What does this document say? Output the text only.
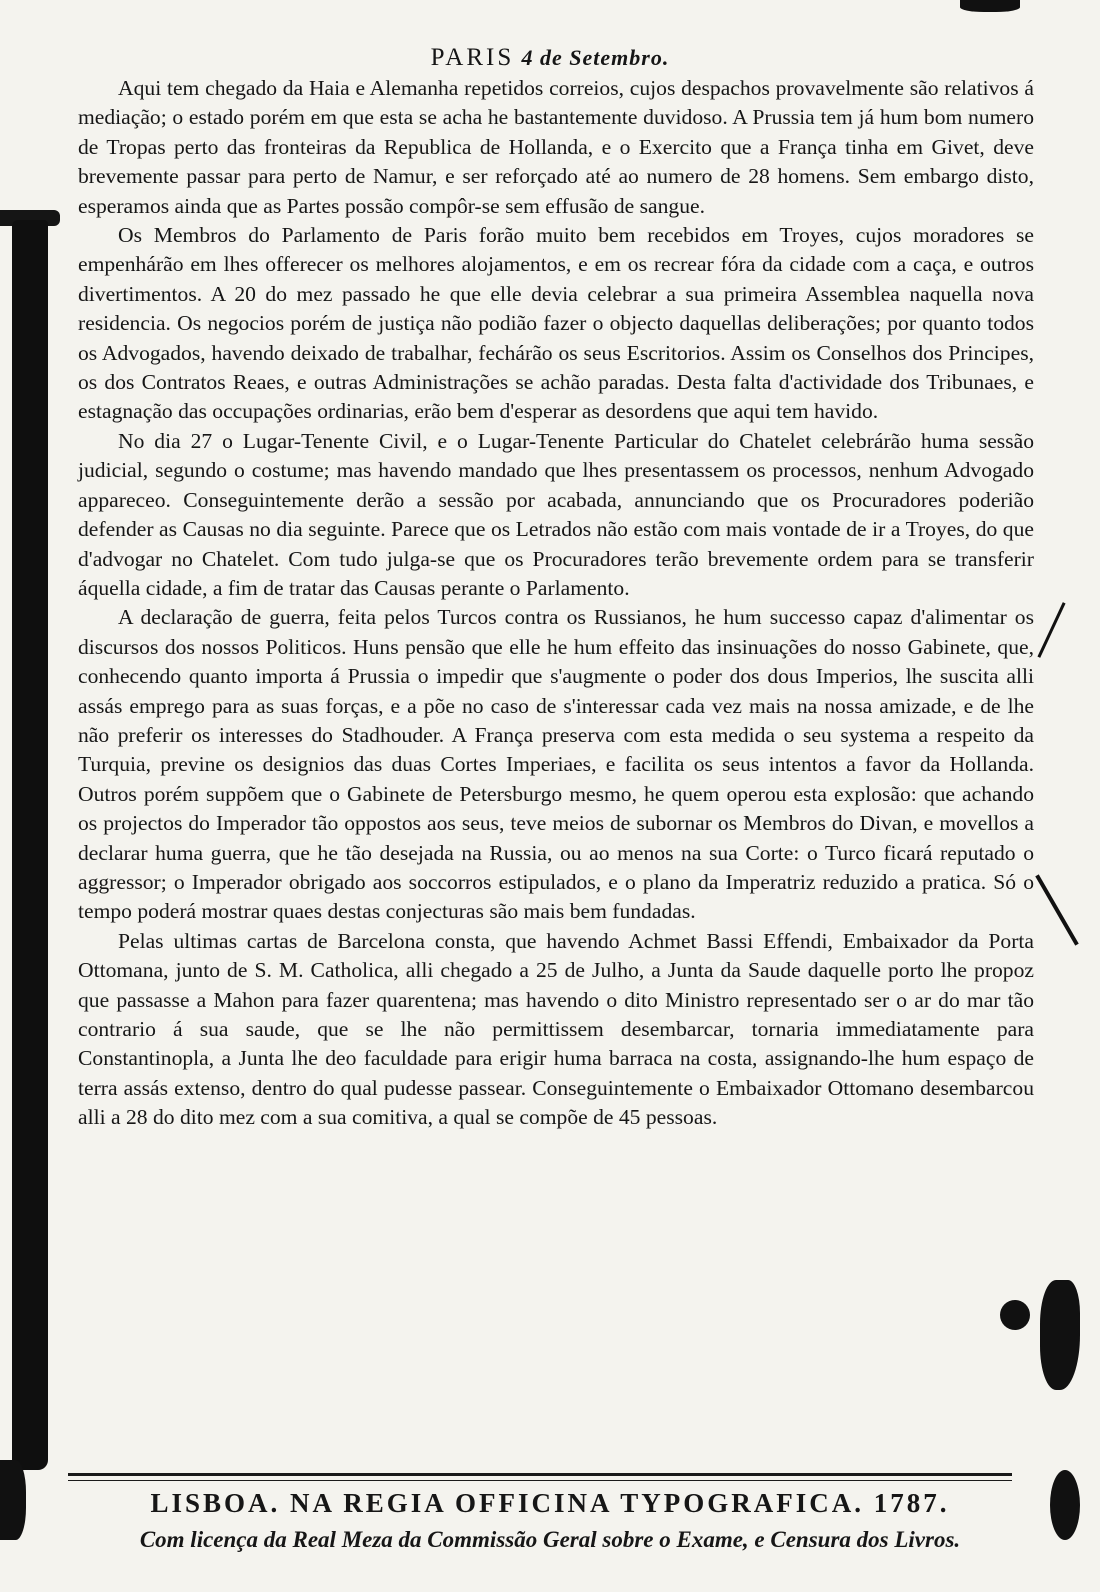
PARIS 4 de Setembro.

Aqui tem chegado da Haia e Alemanha repetidos correios, cujos despachos provavelmente são relativos á mediação; o estado porém em que esta se acha he bastantemente duvidoso. A Prussia tem já hum bom numero de Tropas perto das fronteiras da Republica de Hollanda, e o Exercito que a França tinha em Givet, deve brevemente passar para perto de Namur, e ser reforçado até ao numero de 28 homens. Sem embargo disto, esperamos ainda que as Partes possão compôr-se sem effusão de sangue.

Os Membros do Parlamento de Paris forão muito bem recebidos em Troyes, cujos moradores se empenhárão em lhes offerecer os melhores alojamentos, e em os recrear fóra da cidade com a caça, e outros divertimentos. A 20 do mez passado he que elle devia celebrar a sua primeira Assemblea naquella nova residencia. Os negocios porém de justiça não podião fazer o objecto daquellas deliberações; por quanto todos os Advogados, havendo deixado de trabalhar, fechárão os seus Escritorios. Assim os Conselhos dos Principes, os dos Contratos Reaes, e outras Administrações se achão paradas. Desta falta d'actividade dos Tribunaes, e estagnação das occupações ordinarias, erão bem d'esperar as desordens que aqui tem havido.

No dia 27 o Lugar-Tenente Civil, e o Lugar-Tenente Particular do Chatelet celebrárão huma sessão judicial, segundo o costume; mas havendo mandado que lhes presentassem os processos, nenhum Advogado appareceo. Conseguintemente derão a sessão por acabada, annunciando que os Procuradores poderião defender as Causas no dia seguinte. Parece que os Letrados não estão com mais vontade de ir a Troyes, do que d'advogar no Chatelet. Com tudo julga-se que os Procuradores terão brevemente ordem para se transferir áquella cidade, a fim de tratar das Causas perante o Parlamento.

A declaração de guerra, feita pelos Turcos contra os Russianos, he hum successo capaz d'alimentar os discursos dos nossos Politicos. Huns pensão que elle he hum effeito das insinuações do nosso Gabinete, que, conhecendo quanto importa á Prussia o impedir que s'augmente o poder dos dous Imperios, lhe suscita alli assás emprego para as suas forças, e a põe no caso de s'interessar cada vez mais na nossa amizade, e de lhe não preferir os interesses do Stadhouder. A França preserva com esta medida o seu systema a respeito da Turquia, previne os designios das duas Cortes Imperiaes, e facilita os seus intentos a favor da Hollanda. Outros porém suppõem que o Gabinete de Petersburgo mesmo, he quem operou esta explosão: que achando os projectos do Imperador tão oppostos aos seus, teve meios de subornar os Membros do Divan, e movellos a declarar huma guerra, que he tão desejada na Russia, ou ao menos na sua Corte: o Turco ficará reputado o aggressor; o Imperador obrigado aos soccorros estipulados, e o plano da Imperatriz reduzido a pratica. Só o tempo poderá mostrar quaes destas conjecturas são mais bem fundadas.

Pelas ultimas cartas de Barcelona consta, que havendo Achmet Bassi Effendi, Embaixador da Porta Ottomana, junto de S. M. Catholica, alli chegado a 25 de Julho, a Junta da Saude daquelle porto lhe propoz que passasse a Mahon para fazer quarentena; mas havendo o dito Ministro representado ser o ar do mar tão contrario á sua saude, que se lhe não permittissem desembarcar, tornaria immediatamente para Constantinopla, a Junta lhe deo faculdade para erigir huma barraca na costa, assignando-lhe hum espaço de terra assás extenso, dentro do qual pudesse passear. Conseguintemente o Embaixador Ottomano desembarcou alli a 28 do dito mez com a sua comitiva, a qual se compõe de 45 pessoas.

LISBOA. NA REGIA OFFICINA TYPOGRAFICA. 1787.
Com licença da Real Meza da Commissão Geral sobre o Exame, e Censura dos Livros.
